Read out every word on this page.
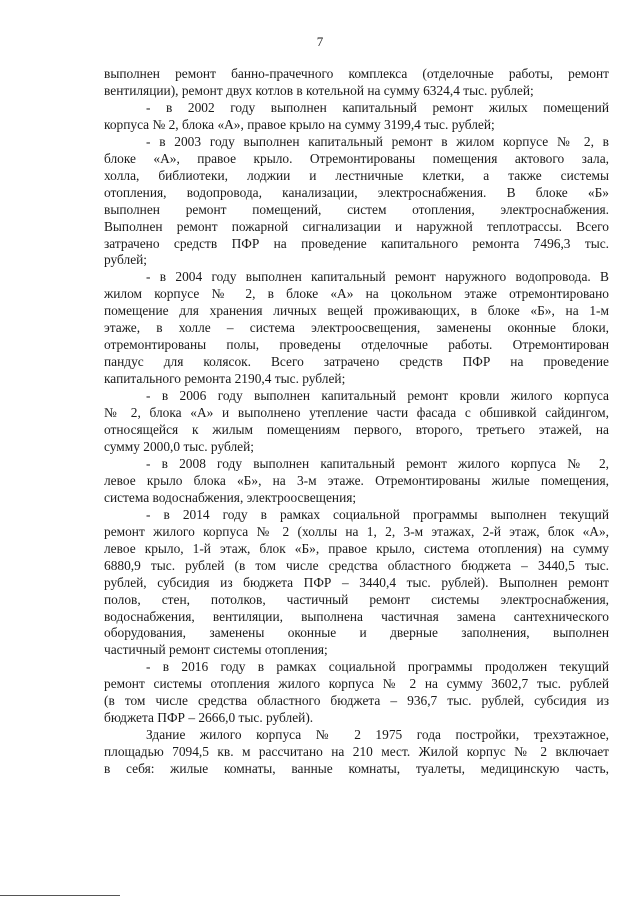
7

выполнен ремонт банно-прачечного комплекса (отделочные работы, ремонт
вентиляции), ремонт двух котлов в котельной на сумму 6324,4 тыс. рублей;

- в 2002 году выполнен капитальный ремонт жилых помещений
корпуса № 2, блока «А», правое крыло на сумму 3199,4 тыс. рублей;

- в 2003 году выполнен капитальный ремонт в жилом корпусе № 2, в
блоке «А», правое крыло. Отремонтированы помещения актового зала,
холла, библиотеки, лоджии и лестничные клетки, а также системы
отопления, водопровода, канализации, электроснабжения. В блоке «Б»
выполнен ремонт помещений, систем отопления, электроснабжения.
Выполнен ремонт пожарной сигнализации и наружной теплотрассы. Всего
затрачено средств ПФР на проведение капитального ремонта 7496,3 тыс.
рублей;

- в 2004 году выполнен капитальный ремонт наружного водопровода. В
жилом корпусе № 2, в блоке «А» на цокольном этаже отремонтировано
помещение для хранения личных вещей проживающих, в блоке «Б», на 1-м
этаже, в холле – система электроосвещения, заменены оконные блоки,
отремонтированы полы, проведены отделочные работы. Отремонтирован
пандус для колясок. Всего затрачено средств ПФР на проведение
капитального ремонта 2190,4 тыс. рублей;

- в 2006 году выполнен капитальный ремонт кровли жилого корпуса
№ 2, блока «А» и выполнено утепление части фасада с обшивкой сайдингом,
относящейся к жилым помещениям первого, второго, третьего этажей, на
сумму 2000,0 тыс. рублей;

- в 2008 году выполнен капитальный ремонт жилого корпуса № 2,
левое крыло блока «Б», на 3-м этаже. Отремонтированы жилые помещения,
система водоснабжения, электроосвещения;

- в 2014 году в рамках социальной программы выполнен текущий
ремонт жилого корпуса № 2 (холлы на 1, 2, 3-м этажах, 2-й этаж, блок «А»,
левое крыло, 1-й этаж, блок «Б», правое крыло, система отопления) на сумму
6880,9 тыс. рублей (в том числе средства областного бюджета – 3440,5 тыс.
рублей, субсидия из бюджета ПФР – 3440,4 тыс. рублей). Выполнен ремонт
полов, стен, потолков, частичный ремонт системы электроснабжения,
водоснабжения, вентиляции, выполнена частичная замена сантехнического
оборудования, заменены оконные и дверные заполнения, выполнен
частичный ремонт системы отопления;

- в 2016 году в рамках социальной программы продолжен текущий
ремонт системы отопления жилого корпуса № 2 на сумму 3602,7 тыс. рублей
(в том числе средства областного бюджета – 936,7 тыс. рублей, субсидия из
бюджета ПФР – 2666,0 тыс. рублей).

Здание жилого корпуса № 2 1975 года постройки, трехэтажное,
площадью 7094,5 кв. м рассчитано на 210 мест. Жилой корпус № 2 включает
в себя: жилые комнаты, ванные комнаты, туалеты, медицинскую часть,
